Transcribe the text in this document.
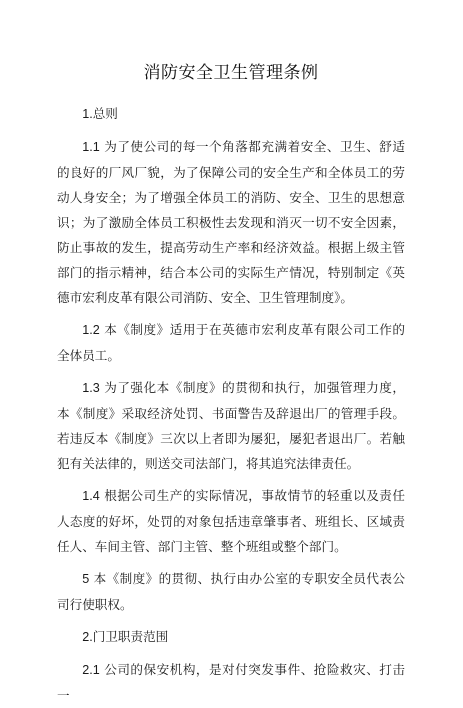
消防安全卫生管理条例

1.总则

1.1 为了使公司的每一个角落都充满着安全、卫生、舒适的良好的厂风厂貌，为了保障公司的安全生产和全体员工的劳动人身安全；为了增强全体员工的消防、安全、卫生的思想意识；为了激励全体员工积极性去发现和消灭一切不安全因素，防止事故的发生，提高劳动生产率和经济效益。根据上级主管部门的指示精神，结合本公司的实际生产情况，特别制定《英德市宏利皮革有限公司消防、安全、卫生管理制度》。

1.2 本《制度》适用于在英德市宏利皮革有限公司工作的全体员工。

1.3 为了强化本《制度》的贯彻和执行，加强管理力度，本《制度》采取经济处罚、书面警告及辞退出厂的管理手段。若违反本《制度》三次以上者即为屡犯，屡犯者退出厂。若触犯有关法律的，则送交司法部门，将其追究法律责任。

1.4 根据公司生产的实际情况，事故情节的轻重以及责任人态度的好坏，处罚的对象包括违章肇事者、班组长、区域责任人、车间主管、部门主管、整个班组或整个部门。

5 本《制度》的贯彻、执行由办公室的专职安全员代表公司行使职权。

2.门卫职责范围

2.1 公司的保安机构，是对付突发事件、抢险救灾、打击一
